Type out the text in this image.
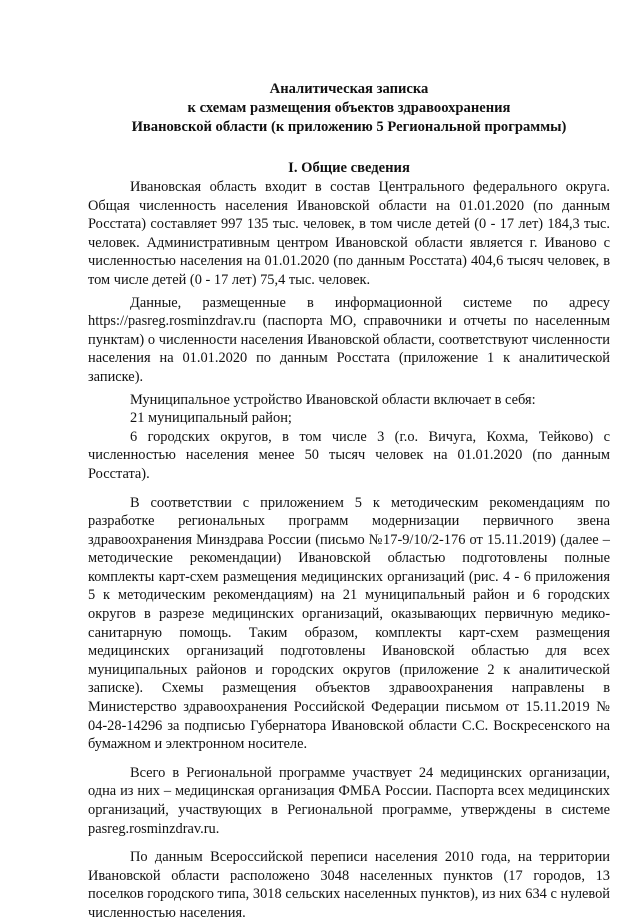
Аналитическая записка
к схемам размещения объектов здравоохранения
Ивановской области (к приложению 5 Региональной программы)
I. Общие сведения

Ивановская область входит в состав Центрального федерального округа. Общая численность населения Ивановской области на 01.01.2020 (по данным Росстата) составляет 997 135 тыс. человек, в том числе детей (0 - 17 лет) 184,3 тыс. человек. Административным центром Ивановской области является г. Иваново с численностью населения на 01.01.2020 (по данным Росстата) 404,6 тысяч человек, в том числе детей (0 - 17 лет) 75,4 тыс. человек.

Данные, размещенные в информационной системе по адресу https://pasreg.rosminzdrav.ru (паспорта МО, справочники и отчеты по населенным пунктам) о численности населения Ивановской области, соответствуют численности населения на 01.01.2020 по данным Росстата (приложение 1 к аналитической записке).

Муниципальное устройство Ивановской области включает в себя:

21 муниципальный район;

6 городских округов, в том числе 3 (г.о. Вичуга, Кохма, Тейково) с численностью населения менее 50 тысяч человек на 01.01.2020 (по данным Росстата).

В соответствии с приложением 5 к методическим рекомендациям по разработке региональных программ модернизации первичного звена здравоохранения Минздрава России (письмо №17-9/10/2-176 от 15.11.2019) (далее – методические рекомендации) Ивановской областью подготовлены полные комплекты карт-схем размещения медицинских организаций (рис. 4 - 6 приложения 5 к методическим рекомендациям) на 21 муниципальный район и 6 городских округов в разрезе медицинских организаций, оказывающих первичную медико-санитарную помощь. Таким образом, комплекты карт-схем размещения медицинских организаций подготовлены Ивановской областью для всех муниципальных районов и городских округов (приложение 2 к аналитической записке). Схемы размещения объектов здравоохранения направлены в Министерство здравоохранения Российской Федерации письмом от 15.11.2019 № 04-28-14296 за подписью Губернатора Ивановской области С.С. Воскресенского на бумажном и электронном носителе.

Всего в Региональной программе участвует 24 медицинских организации, одна из них – медицинская организация ФМБА России. Паспорта всех медицинских организаций, участвующих в Региональной программе, утверждены в системе pasreg.rosminzdrav.ru.

По данным Всероссийской переписи населения 2010 года, на территории Ивановской области расположено 3048 населенных пунктов (17 городов, 13 поселков городского типа, 3018 сельских населенных пунктов), из них 634 с нулевой численностью населения.
